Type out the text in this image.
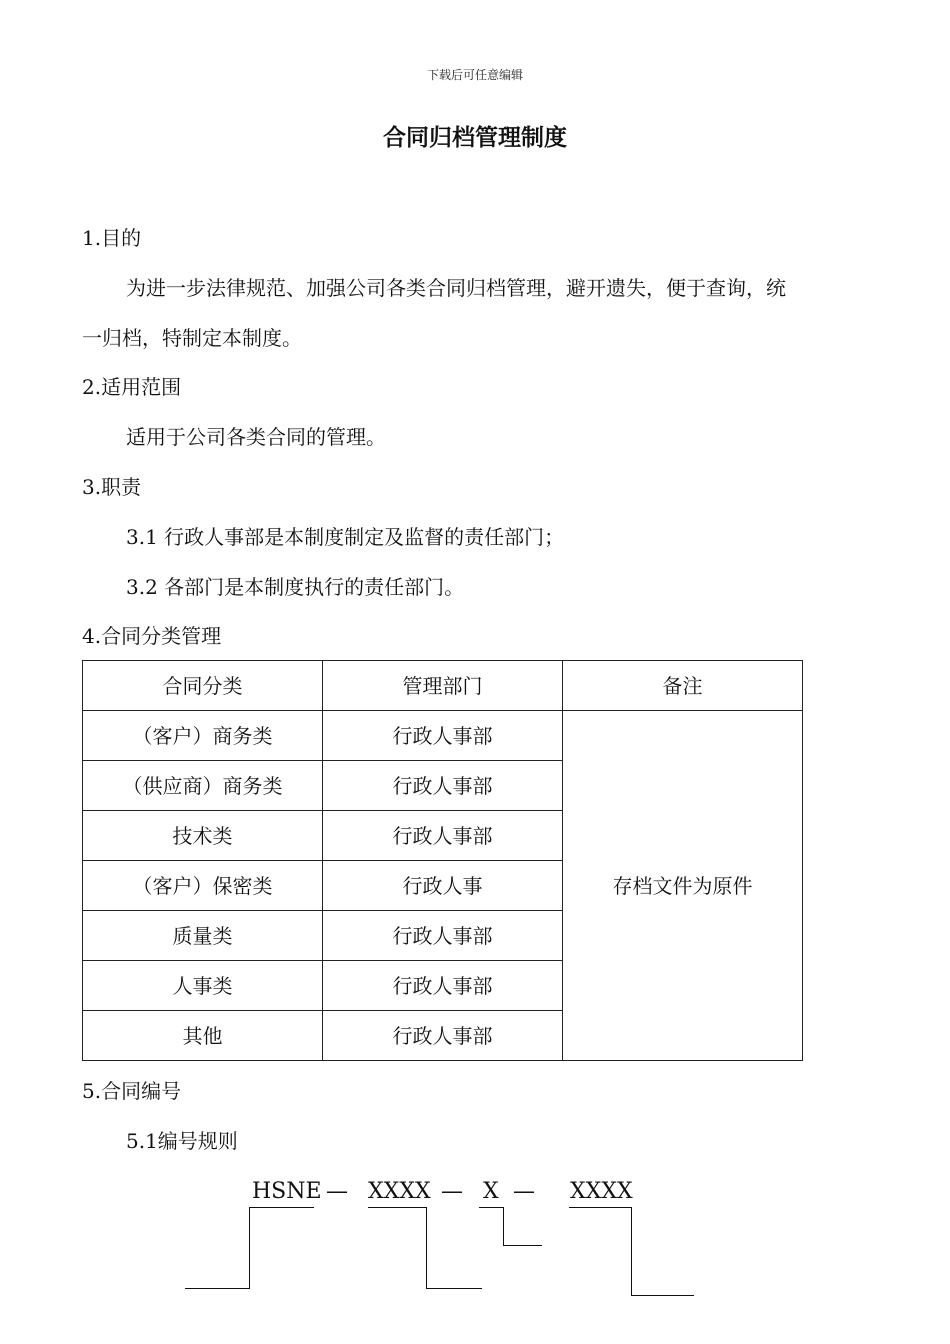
下载后可任意编辑
合同归档管理制度
1.目的
为进一步法律规范、加强公司各类合同归档管理，避开遗失，便于查询，统
一归档，特制定本制度。
2.适用范围
适用于公司各类合同的管理。
3.职责
3.1 行政人事部是本制度制定及监督的责任部门；
3.2 各部门是本制度执行的责任部门。
4.合同分类管理
合同分类	管理部门	备注
（客户）商务类	行政人事部	存档文件为原件
（供应商）商务类	行政人事部	
技术类	行政人事部	
（客户）保密类	行政人事	
质量类	行政人事部	
人事类	行政人事部	
其他	行政人事部	
5.合同编号
5.1编号规则
HSNE — XXXX — X — XXXX
